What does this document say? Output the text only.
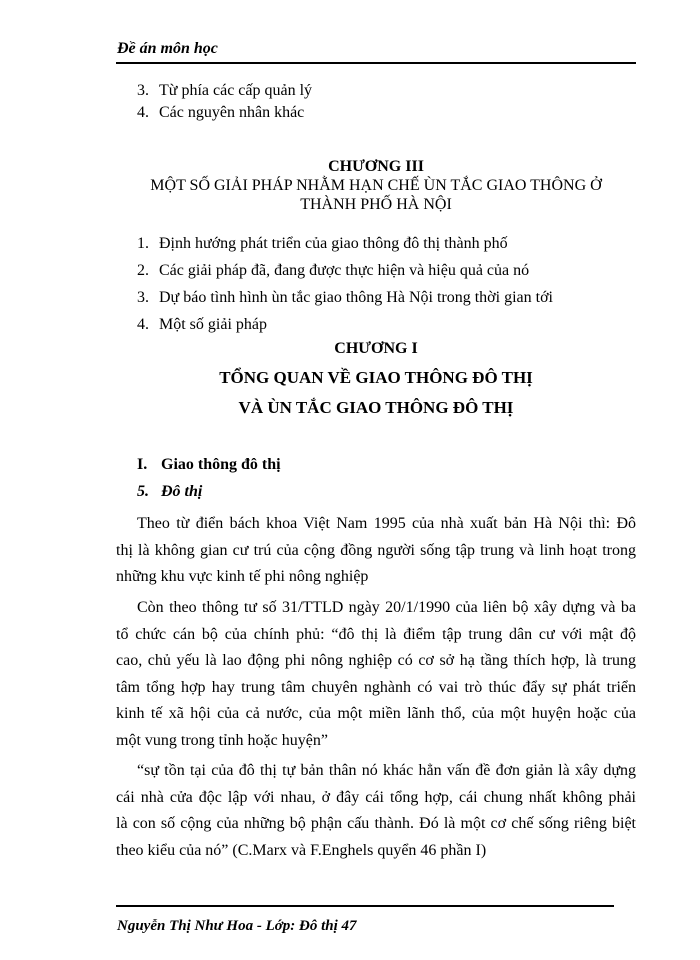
Đề án môn học
3. Từ phía các cấp quản lý
4. Các nguyên nhân khác
CHƯƠNG III
MỘT SỐ GIẢI PHÁP NHẰM HẠN CHẾ ÙN TẮC GIAO THÔNG Ở
THÀNH PHỐ HÀ NỘI
1. Định hướng phát triển của giao thông đô thị thành phố
2. Các giải pháp đã, đang được thực hiện và hiệu quả của nó
3. Dự báo tình hình ùn tắc giao thông Hà Nội trong thời gian tới
4. Một số giải pháp
CHƯƠNG I
TỔNG QUAN VỀ GIAO THÔNG ĐÔ THỊ
VÀ ÙN TẮC GIAO THÔNG ĐÔ THỊ
I. Giao thông đô thị
5. Đô thị
Theo từ điển bách khoa Việt Nam 1995 của nhà xuất bản Hà Nội thì: Đô
thị là không gian cư trú của cộng đồng người sống tập trung và linh hoạt trong
những khu vực kinh tế phi nông nghiệp
Còn theo thông tư số 31/TTLD ngày 20/1/1990 của liên bộ xây dựng và ba
tổ chức cán bộ của chính phủ: “đô thị là điểm tập trung dân cư với mật độ
cao, chủ yếu là lao động phi nông nghiệp có cơ sở hạ tầng thích hợp, là trung
tâm tổng hợp hay trung tâm chuyên nghành có vai trò thúc đẩy sự phát triển
kinh tế xã hội của cả nước, của một miền lãnh thổ, của một huyện hoặc của
một vung trong tỉnh hoặc huyện”
“sự tồn tại của đô thị tự bản thân nó khác hẳn vấn đề đơn giản là xây dựng
cái nhà cửa độc lập với nhau, ở đây cái tổng hợp, cái chung nhất không phải
là con số cộng của những bộ phận cấu thành. Đó là một cơ chế sống riêng biệt
theo kiểu của nó” (C.Marx và F.Enghels quyển 46 phần I)
Nguyễn Thị Như Hoa - Lớp: Đô thị 47
